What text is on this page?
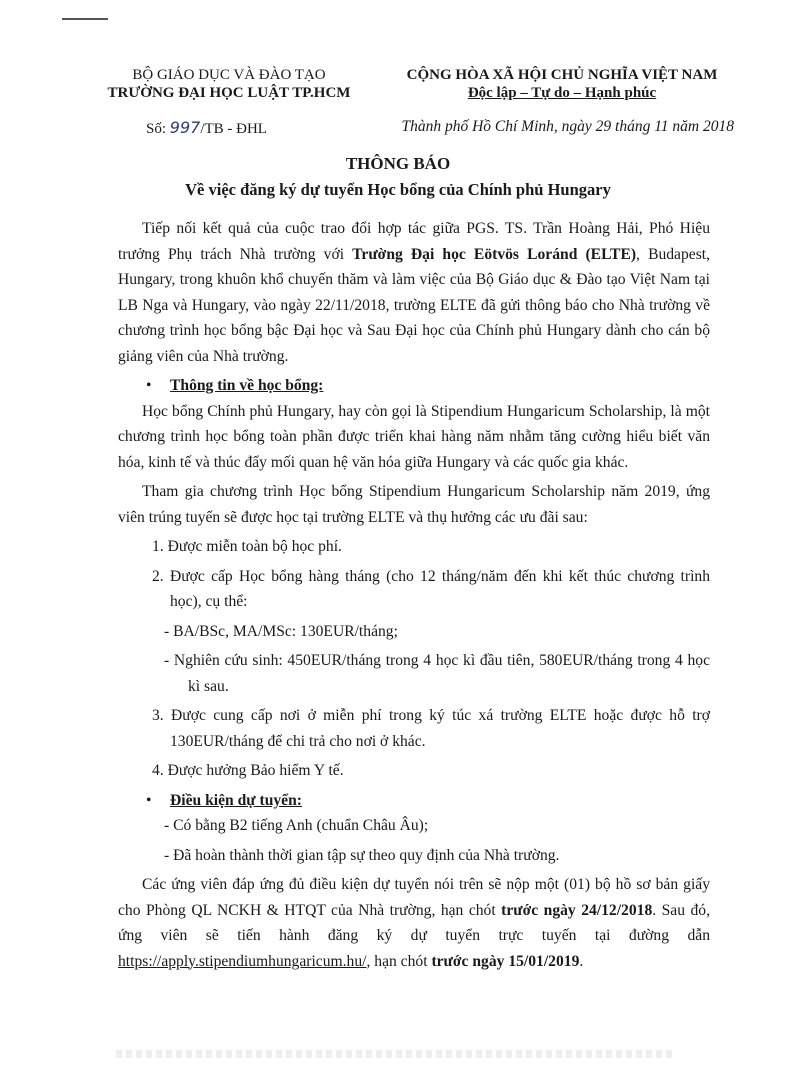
BỘ GIÁO DỤC VÀ ĐÀO TẠO
TRƯỜNG ĐẠI HỌC LUẬT TP.HCM
CỘNG HÒA XÃ HỘI CHỦ NGHĨA VIỆT NAM
Độc lập – Tự do – Hạnh phúc
Số: 997/TB - ĐHL	Thành phố Hồ Chí Minh, ngày 29 tháng 11 năm 2018
THÔNG BÁO
Về việc đăng ký dự tuyển Học bổng của Chính phủ Hungary

Tiếp nối kết quả của cuộc trao đổi hợp tác giữa PGS. TS. Trần Hoàng Hải, Phó Hiệu trưởng Phụ trách Nhà trường với Trường Đại học Eötvös Loránd (ELTE), Budapest, Hungary, trong khuôn khổ chuyến thăm và làm việc của Bộ Giáo dục & Đào tạo Việt Nam tại LB Nga và Hungary, vào ngày 22/11/2018, trường ELTE đã gửi thông báo cho Nhà trường về chương trình học bổng bậc Đại học và Sau Đại học của Chính phủ Hungary dành cho cán bộ giảng viên của Nhà trường.

•	Thông tin về học bổng:

Học bổng Chính phủ Hungary, hay còn gọi là Stipendium Hungaricum Scholarship, là một chương trình học bổng toàn phần được triển khai hàng năm nhằm tăng cường hiểu biết văn hóa, kinh tế và thúc đẩy mối quan hệ văn hóa giữa Hungary và các quốc gia khác.

Tham gia chương trình Học bổng Stipendium Hungaricum Scholarship năm 2019, ứng viên trúng tuyển sẽ được học tại trường ELTE và thụ hưởng các ưu đãi sau:

1. Được miễn toàn bộ học phí.

2. Được cấp Học bổng hàng tháng (cho 12 tháng/năm đến khi kết thúc chương trình học), cụ thể:

- BA/BSc, MA/MSc: 130EUR/tháng;

- Nghiên cứu sinh: 450EUR/tháng trong 4 học kì đầu tiên, 580EUR/tháng trong 4 học kì sau.

3. Được cung cấp nơi ở miễn phí trong ký túc xá trường ELTE hoặc được hỗ trợ 130EUR/tháng để chi trả cho nơi ở khác.

4. Được hưởng Bảo hiểm Y tế.

•	Điều kiện dự tuyển:

- Có bằng B2 tiếng Anh (chuẩn Châu Âu);

- Đã hoàn thành thời gian tập sự theo quy định của Nhà trường.

Các ứng viên đáp ứng đủ điều kiện dự tuyển nói trên sẽ nộp một (01) bộ hồ sơ bản giấy cho Phòng QL NCKH & HTQT của Nhà trường, hạn chót trước ngày 24/12/2018. Sau đó, ứng viên sẽ tiến hành đăng ký dự tuyển trực tuyến tại đường dẫn https://apply.stipendiumhungaricum.hu/, hạn chót trước ngày 15/01/2019.
